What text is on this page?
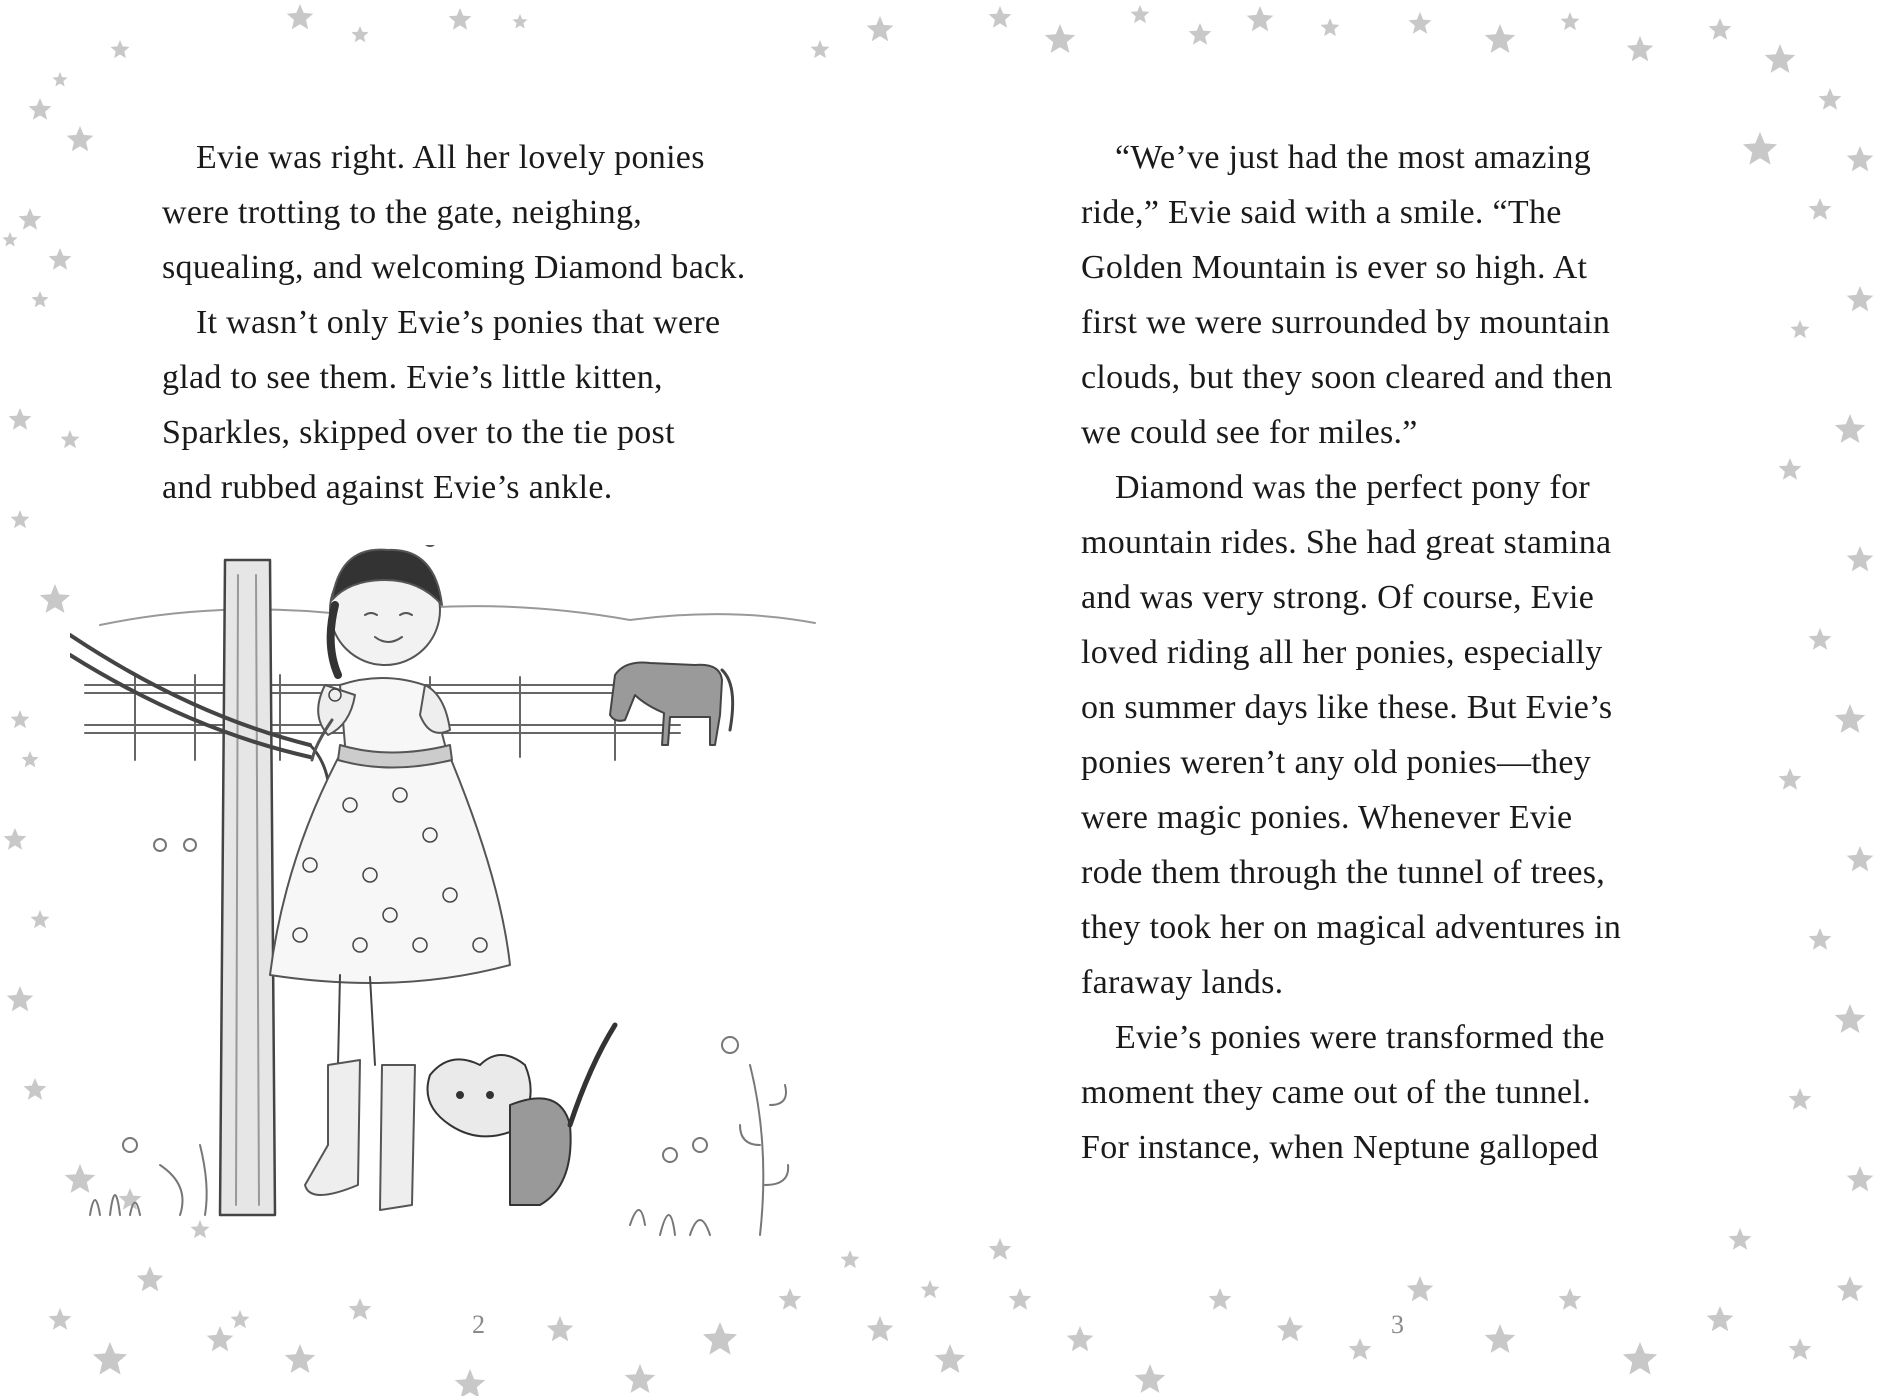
Evie was right. All her lovely ponies
were trotting to the gate, neighing,
squealing, and welcoming Diamond back.
It wasn’t only Evie’s ponies that were
glad to see them. Evie’s little kitten,
Sparkles, skipped over to the tie post
and rubbed against Evie’s ankle.
2
“We’ve just had the most amazing
ride,” Evie said with a smile. “The
Golden Mountain is ever so high. At
first we were surrounded by mountain
clouds, but they soon cleared and then
we could see for miles.”
Diamond was the perfect pony for
mountain rides. She had great stamina
and was very strong. Of course, Evie
loved riding all her ponies, especially
on summer days like these. But Evie’s
ponies weren’t any old ponies—they
were magic ponies. Whenever Evie
rode them through the tunnel of trees,
they took her on magical adventures in
faraway lands.
Evie’s ponies were transformed the
moment they came out of the tunnel.
For instance, when Neptune galloped
3
